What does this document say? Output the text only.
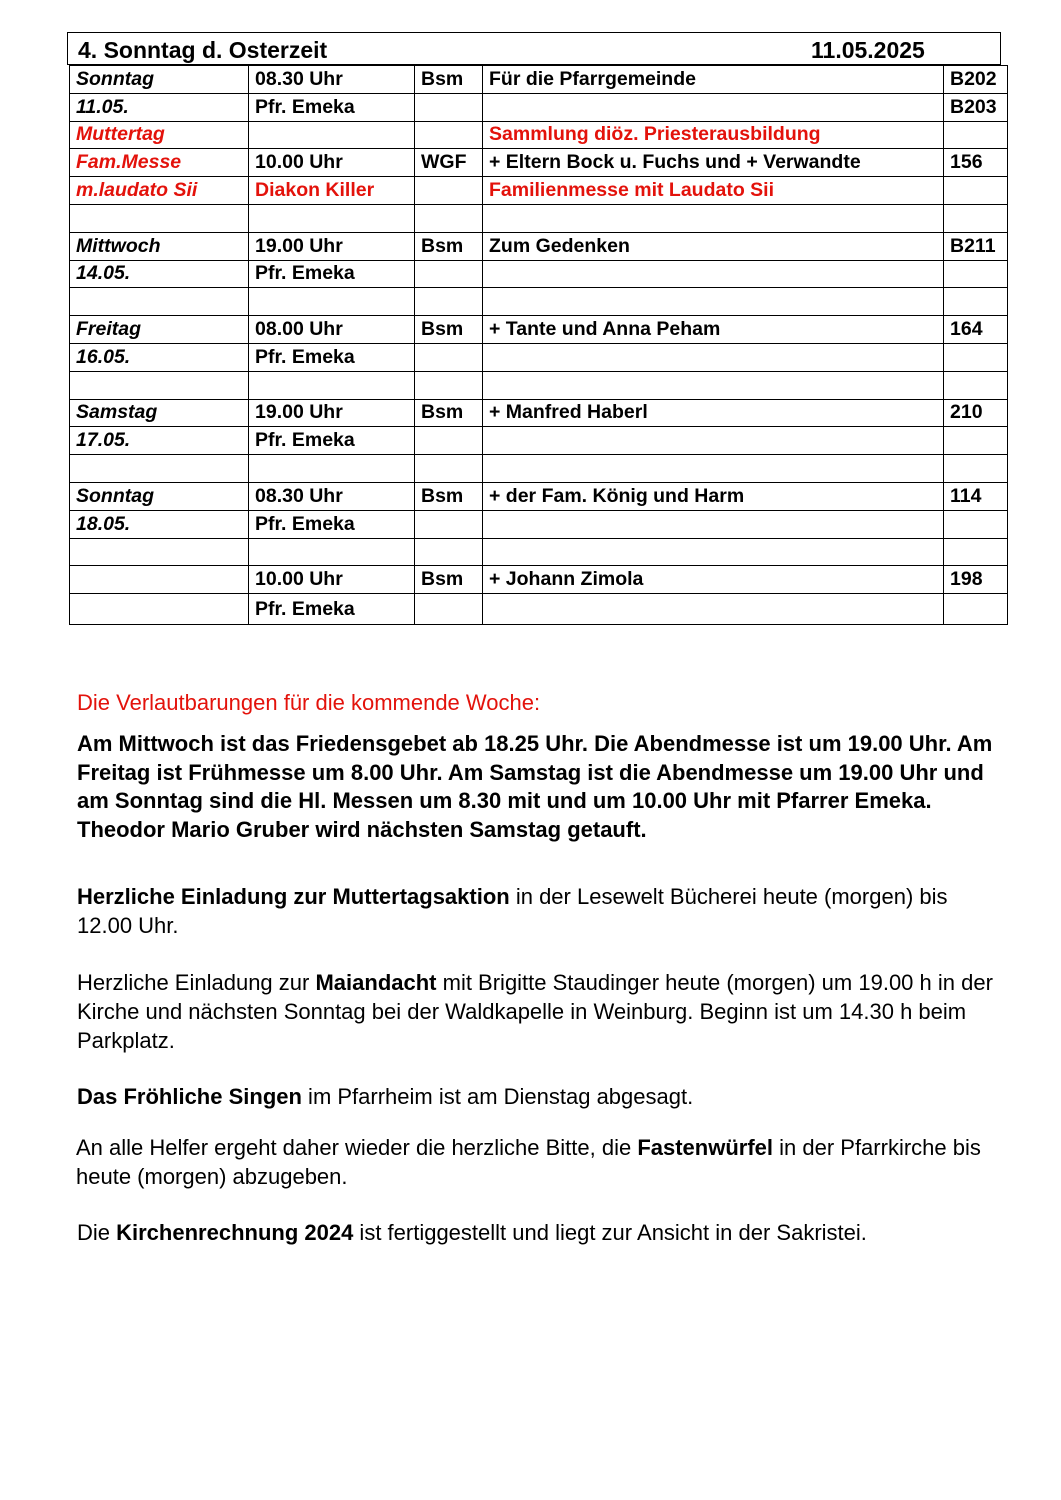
4. Sonntag d. Osterzeit	11.05.2025
Sonntag	08.30 Uhr	Bsm	Für die Pfarrgemeinde	B202
11.05.	Pfr. Emeka			B203
Muttertag			Sammlung diöz. Priesterausbildung	
Fam.Messe	10.00 Uhr	WGF	+ Eltern Bock u. Fuchs und + Verwandte	156
m.laudato Sii	Diakon Killer		Familienmesse mit Laudato Sii	

Mittwoch	19.00 Uhr	Bsm	Zum Gedenken	B211
14.05.	Pfr. Emeka			

Freitag	08.00 Uhr	Bsm	+ Tante und Anna Peham	164
16.05.	Pfr. Emeka			

Samstag	19.00 Uhr	Bsm	+ Manfred Haberl	210
17.05.	Pfr. Emeka			

Sonntag	08.30 Uhr	Bsm	+ der Fam. König und Harm	114
18.05.	Pfr. Emeka			

	10.00 Uhr	Bsm	+ Johann Zimola	198
	Pfr. Emeka			
Die Verlautbarungen für die kommende Woche:

Am Mittwoch ist das Friedensgebet ab 18.25 Uhr. Die Abendmesse ist um 19.00 Uhr. Am Freitag ist Frühmesse um 8.00 Uhr. Am Samstag ist die Abendmesse um 19.00 Uhr und am Sonntag sind die Hl. Messen um 8.30 mit und um 10.00 Uhr mit Pfarrer Emeka. Theodor Mario Gruber wird nächsten Samstag getauft.

Herzliche Einladung zur Muttertagsaktion in der Lesewelt Bücherei heute (morgen) bis 12.00 Uhr.

Herzliche Einladung zur Maiandacht mit Brigitte Staudinger heute (morgen) um 19.00 h in der Kirche und nächsten Sonntag bei der Waldkapelle in Weinburg. Beginn ist um 14.30 h beim Parkplatz.

Das Fröhliche Singen im Pfarrheim ist am Dienstag abgesagt.

An alle Helfer ergeht daher wieder die herzliche Bitte, die Fastenwürfel in der Pfarrkirche bis heute (morgen) abzugeben.

Die Kirchenrechnung 2024 ist fertiggestellt und liegt zur Ansicht in der Sakristei.
